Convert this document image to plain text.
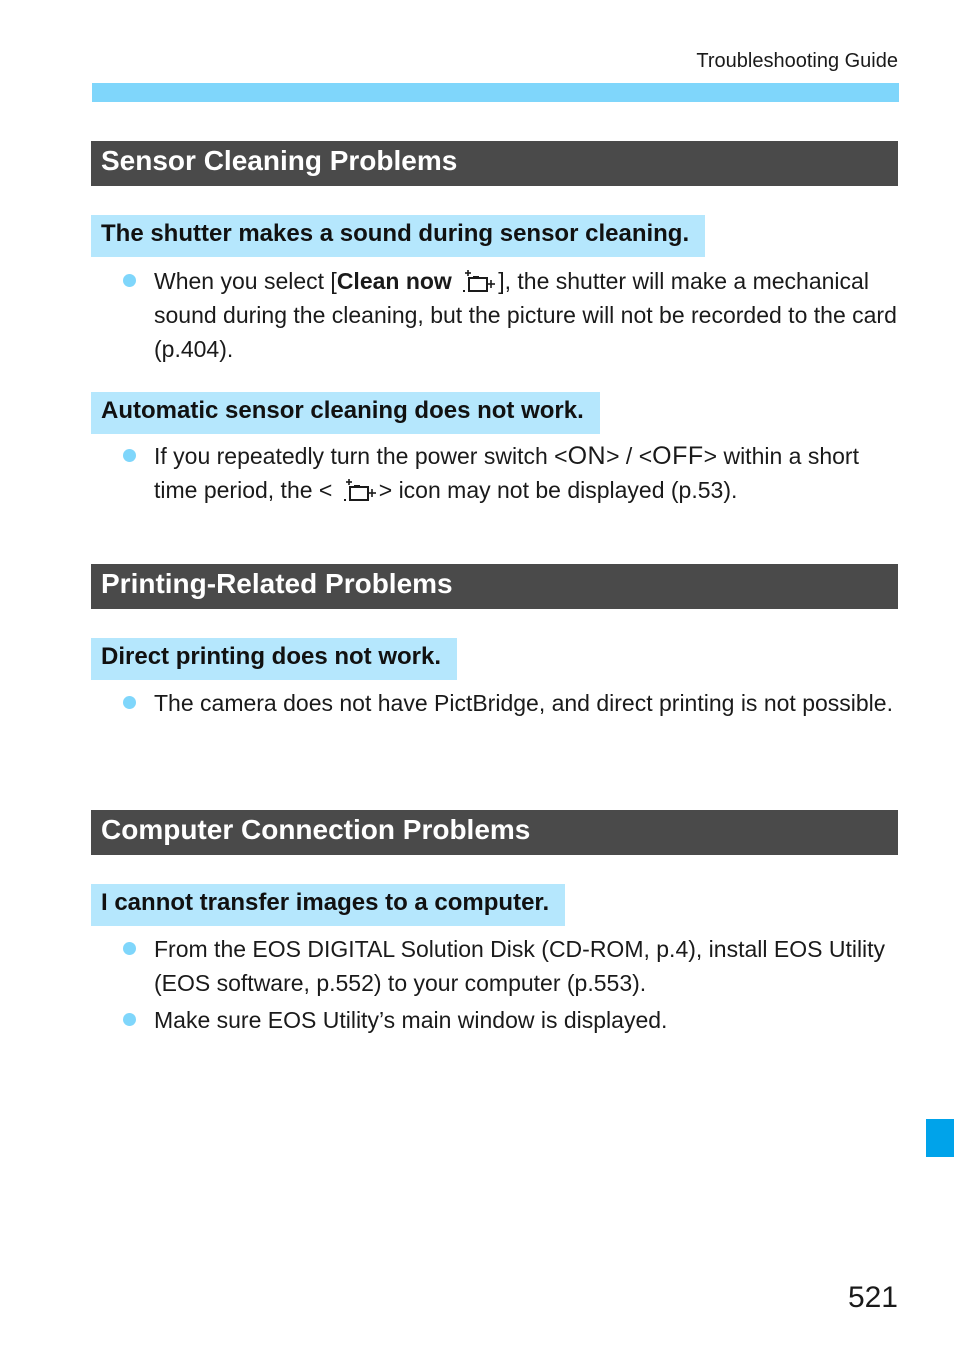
Troubleshooting Guide
Sensor Cleaning Problems
The shutter makes a sound during sensor cleaning.
When you select [Clean now ], the shutter will make a mechanical sound during the cleaning, but the picture will not be recorded to the card (p.404).
Automatic sensor cleaning does not work.
If you repeatedly turn the power switch <ON> / <OFF> within a short time period, the < > icon may not be displayed (p.53).
Printing-Related Problems
Direct printing does not work.
The camera does not have PictBridge, and direct printing is not possible.
Computer Connection Problems
I cannot transfer images to a computer.
From the EOS DIGITAL Solution Disk (CD-ROM, p.4), install EOS Utility (EOS software, p.552) to your computer (p.553).
Make sure EOS Utility’s main window is displayed.
521
